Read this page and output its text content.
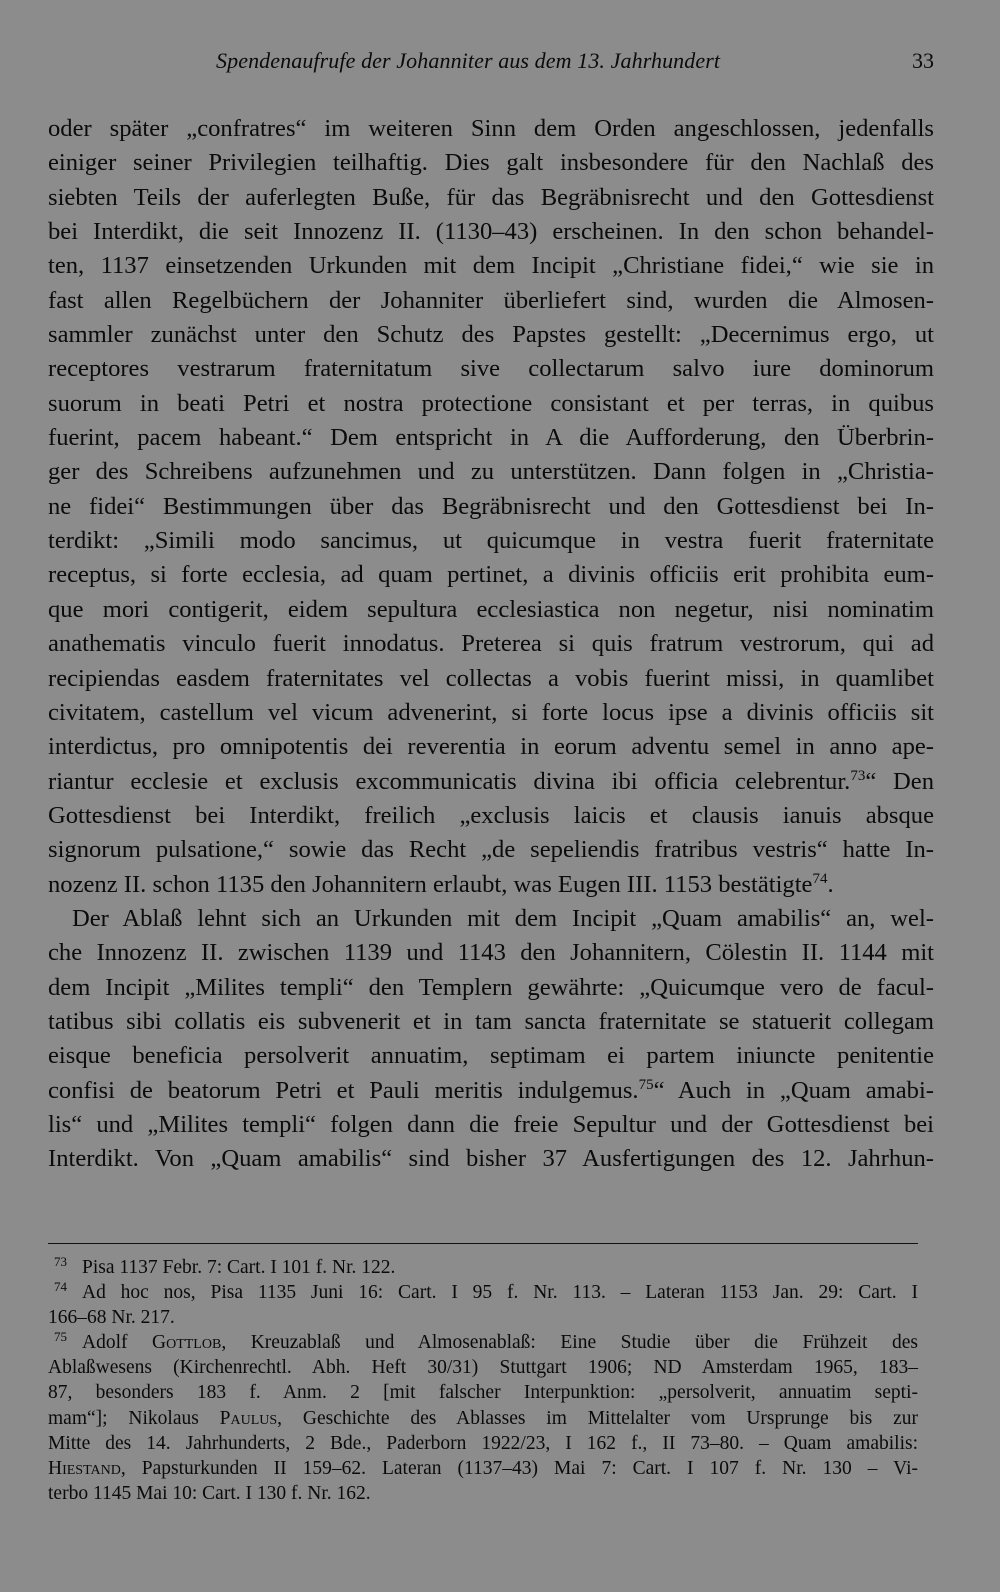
Spendenaufrufe der Johanniter aus dem 13. Jahrhundert	33
oder später „confratres“ im weiteren Sinn dem Orden angeschlossen, jedenfalls
einiger seiner Privilegien teilhaftig. Dies galt insbesondere für den Nachlaß des
siebten Teils der auferlegten Buße, für das Begräbnisrecht und den Gottesdienst
bei Interdikt, die seit Innozenz II. (1130–43) erscheinen. In den schon behandel-
ten, 1137 einsetzenden Urkunden mit dem Incipit „Christiane fidei,“ wie sie in
fast allen Regelbüchern der Johanniter überliefert sind, wurden die Almosen-
sammler zunächst unter den Schutz des Papstes gestellt: „Decernimus ergo, ut
receptores vestrarum fraternitatum sive collectarum salvo iure dominorum
suorum in beati Petri et nostra protectione consistant et per terras, in quibus
fuerint, pacem habeant.“ Dem entspricht in A die Aufforderung, den Überbrin-
ger des Schreibens aufzunehmen und zu unterstützen. Dann folgen in „Christia-
ne fidei“ Bestimmungen über das Begräbnisrecht und den Gottesdienst bei In-
terdikt: „Simili modo sancimus, ut quicumque in vestra fuerit fraternitate
receptus, si forte ecclesia, ad quam pertinet, a divinis officiis erit prohibita eum-
que mori contigerit, eidem sepultura ecclesiastica non negetur, nisi nominatim
anathematis vinculo fuerit innodatus. Preterea si quis fratrum vestrorum, qui ad
recipiendas easdem fraternitates vel collectas a vobis fuerint missi, in quamlibet
civitatem, castellum vel vicum advenerint, si forte locus ipse a divinis officiis sit
interdictus, pro omnipotentis dei reverentia in eorum adventu semel in anno ape-
riantur ecclesie et exclusis excommunicatis divina ibi officia celebrentur.$^{73}$“ Den
Gottesdienst bei Interdikt, freilich „exclusis laicis et clausis ianuis absque
signorum pulsatione,“ sowie das Recht „de sepeliendis fratribus vestris“ hatte In-
nozenz II. schon 1135 den Johannitern erlaubt, was Eugen III. 1153 bestätigte$^{74}$.
Der Ablaß lehnt sich an Urkunden mit dem Incipit „Quam amabilis“ an, wel-
che Innozenz II. zwischen 1139 und 1143 den Johannitern, Cölestin II. 1144 mit
dem Incipit „Milites templi“ den Templern gewährte: „Quicumque vero de facul-
tatibus sibi collatis eis subvenerit et in tam sancta fraternitate se statuerit collegam
eisque beneficia persolverit annuatim, septimam ei partem iniuncte penitentie
confisi de beatorum Petri et Pauli meritis indulgemus.$^{75}$“ Auch in „Quam amabi-
lis“ und „Milites templi“ folgen dann die freie Sepultur und der Gottesdienst bei
Interdikt. Von „Quam amabilis“ sind bisher 37 Ausfertigungen des 12. Jahrhun-
73 Pisa 1137 Febr. 7: Cart. I 101 f. Nr. 122.
74 Ad hoc nos, Pisa 1135 Juni 16: Cart. I 95 f. Nr. 113. – Lateran 1153 Jan. 29: Cart. I
166–68 Nr. 217.
75 Adolf Gottlob, Kreuzablaß und Almosenablaß: Eine Studie über die Frühzeit des
Ablaßwesens (Kirchenrechtl. Abh. Heft 30/31) Stuttgart 1906; ND Amsterdam 1965, 183–
87, besonders 183 f. Anm. 2 [mit falscher Interpunktion: „persolverit, annuatim septi-
mam“]; Nikolaus Paulus, Geschichte des Ablasses im Mittelalter vom Ursprunge bis zur
Mitte des 14. Jahrhunderts, 2 Bde., Paderborn 1922/23, I 162 f., II 73–80. – Quam amabilis:
Hiestand, Papsturkunden II 159–62. Lateran (1137–43) Mai 7: Cart. I 107 f. Nr. 130 – Vi-
terbo 1145 Mai 10: Cart. I 130 f. Nr. 162.
